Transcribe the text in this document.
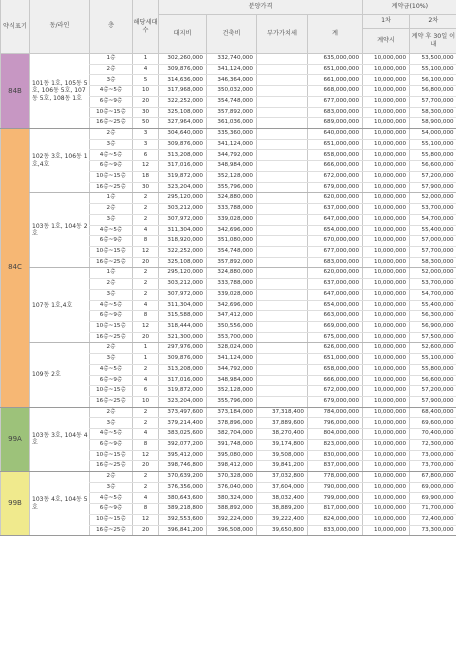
약식표기	동/라인	층	해당세대수	분양가격				계약금(10%)	
				대지비	건축비	부가가치세	계	1차	2차
								계약시	계약 후 30일 이내
84B	101동 1호, 105동 5호, 106동 5호, 107동 5호, 108동 1호	1층	1	302,260,000	332,740,000		635,000,000	10,000,000	53,500,000
		2층	4	309,876,000	341,124,000		651,000,000	10,000,000	55,100,000
		3층	5	314,636,000	346,364,000		661,000,000	10,000,000	56,100,000
		4층~5층	10	317,968,000	350,032,000		668,000,000	10,000,000	56,800,000
		6층~9층	20	322,252,000	354,748,000		677,000,000	10,000,000	57,700,000
		10층~15층	30	325,108,000	357,892,000		683,000,000	10,000,000	58,300,000
		16층~25층	50	327,964,000	361,036,000		689,000,000	10,000,000	58,900,000
84C	102동 3호, 106동 1호,4호	2층	3	304,640,000	335,360,000		640,000,000	10,000,000	54,000,000
		3층	3	309,876,000	341,124,000		651,000,000	10,000,000	55,100,000
		4층~5층	6	313,208,000	344,792,000		658,000,000	10,000,000	55,800,000
		6층~9층	12	317,016,000	348,984,000		666,000,000	10,000,000	56,600,000
		10층~15층	18	319,872,000	352,128,000		672,000,000	10,000,000	57,200,000
		16층~25층	30	323,204,000	355,796,000		679,000,000	10,000,000	57,900,000
	103동 1호, 104동 2호	1층	2	295,120,000	324,880,000		620,000,000	10,000,000	52,000,000
		2층	2	303,212,000	333,788,000		637,000,000	10,000,000	53,700,000
		3층	2	307,972,000	339,028,000		647,000,000	10,000,000	54,700,000
		4층~5층	4	311,304,000	342,696,000		654,000,000	10,000,000	55,400,000
		6층~9층	8	318,920,000	351,080,000		670,000,000	10,000,000	57,000,000
		10층~15층	12	322,252,000	354,748,000		677,000,000	10,000,000	57,700,000
		16층~25층	20	325,108,000	357,892,000		683,000,000	10,000,000	58,300,000
	107동 1호,4호	1층	2	295,120,000	324,880,000		620,000,000	10,000,000	52,000,000
		2층	2	303,212,000	333,788,000		637,000,000	10,000,000	53,700,000
		3층	2	307,972,000	339,028,000		647,000,000	10,000,000	54,700,000
		4층~5층	4	311,304,000	342,696,000		654,000,000	10,000,000	55,400,000
		6층~9층	8	315,588,000	347,412,000		663,000,000	10,000,000	56,300,000
		10층~15층	12	318,444,000	350,556,000		669,000,000	10,000,000	56,900,000
		16층~25층	20	321,300,000	353,700,000		675,000,000	10,000,000	57,500,000
	109동 2호	2층	1	297,976,000	328,024,000		626,000,000	10,000,000	52,600,000
		3층	1	309,876,000	341,124,000		651,000,000	10,000,000	55,100,000
		4층~5층	2	313,208,000	344,792,000		658,000,000	10,000,000	55,800,000
		6층~9층	4	317,016,000	348,984,000		666,000,000	10,000,000	56,600,000
		10층~15층	6	319,872,000	352,128,000		672,000,000	10,000,000	57,200,000
		16층~25층	10	323,204,000	355,796,000		679,000,000	10,000,000	57,900,000
99A	103동 3호, 104동 4호	2층	2	373,497,600	373,184,000	37,318,400	784,000,000	10,000,000	68,400,000
		3층	2	379,214,400	378,896,000	37,889,600	796,000,000	10,000,000	69,600,000
		4층~5층	4	383,025,600	382,704,000	38,270,400	804,000,000	10,000,000	70,400,000
		6층~9층	8	392,077,200	391,748,000	39,174,800	823,000,000	10,000,000	72,300,000
		10층~15층	12	395,412,000	395,080,000	39,508,000	830,000,000	10,000,000	73,000,000
		16층~25층	20	398,746,800	398,412,000	39,841,200	837,000,000	10,000,000	73,700,000
99B	103동 4호, 104동 5호	2층	2	370,639,200	370,328,000	37,032,800	778,000,000	10,000,000	67,800,000
		3층	2	376,356,000	376,040,000	37,604,000	790,000,000	10,000,000	69,000,000
		4층~5층	4	380,643,600	380,324,000	38,032,400	799,000,000	10,000,000	69,900,000
		6층~9층	8	389,218,800	388,892,000	38,889,200	817,000,000	10,000,000	71,700,000
		10층~15층	12	392,553,600	392,224,000	39,222,400	824,000,000	10,000,000	72,400,000
		16층~25층	20	396,841,200	396,508,000	39,650,800	833,000,000	10,000,000	73,300,000
